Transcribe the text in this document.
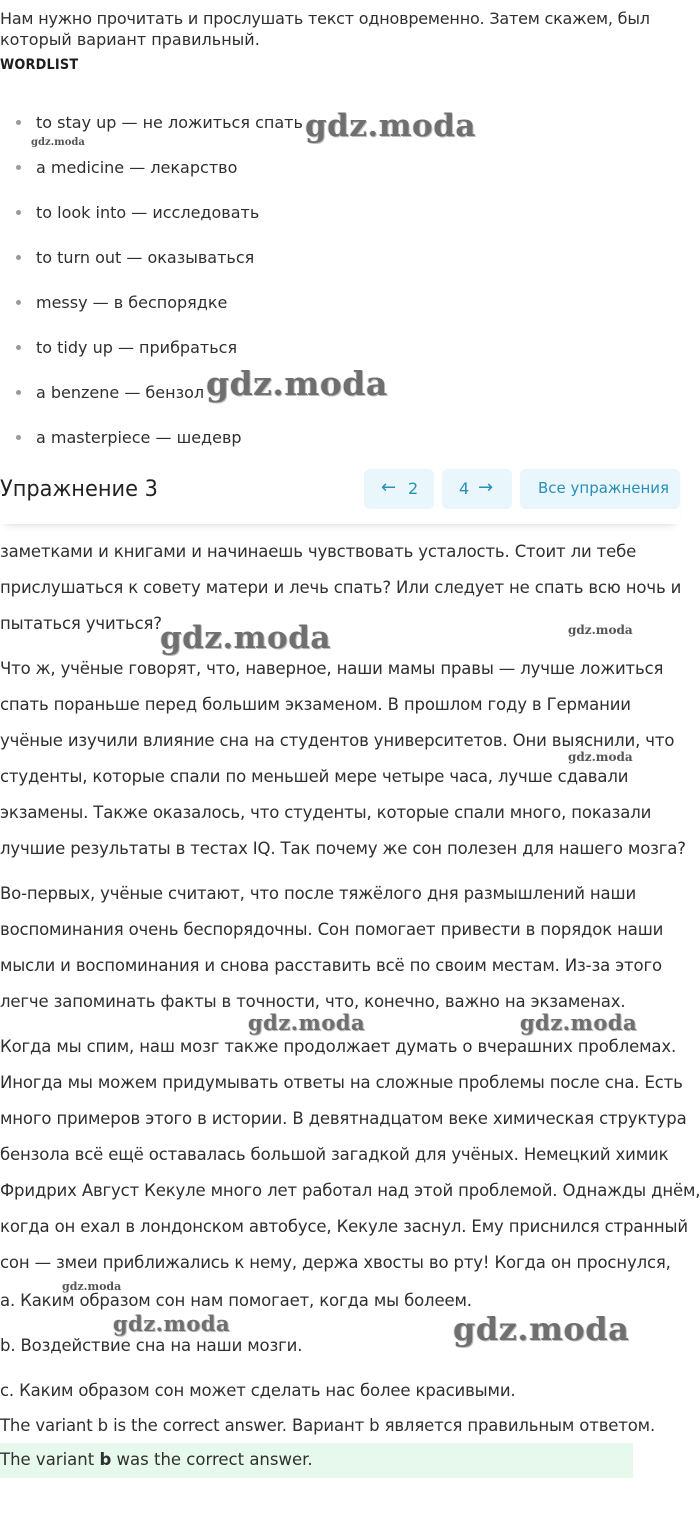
Нам нужно прочитать и прослушать текст одновременно. Затем скажем, был
который вариант правильный.
WORDLIST
to stay up — не ложиться спать
a medicine — лекарство
to look into — исследовать
to turn out — оказываться
messy — в беспорядке
to tidy up — прибраться
a benzene — бензол
a masterpiece — шедевр
заметками и книгами и начинаешь чувствовать усталость. Стоит ли тебе
прислушаться к совету матери и лечь спать? Или следует не спать всю ночь и
пытаться учиться?
Что ж, учёные говорят, что, наверное, наши мамы правы — лучше ложиться
спать пораньше перед большим экзаменом. В прошлом году в Германии
учёные изучили влияние сна на студентов университетов. Они выяснили, что
студенты, которые спали по меньшей мере четыре часа, лучше сдавали
экзамены. Также оказалось, что студенты, которые спали много, показали
лучшие результаты в тестах IQ. Так почему же сон полезен для нашего мозга?
Во-первых, учёные считают, что после тяжёлого дня размышлений наши
воспоминания очень беспорядочны. Сон помогает привести в порядок наши
мысли и воспоминания и снова расставить всё по своим местам. Из-за этого
легче запоминать факты в точности, что, конечно, важно на экзаменах.
Когда мы спим, наш мозг также продолжает думать о вчерашних проблемах.
Иногда мы можем придумывать ответы на сложные проблемы после сна. Есть
много примеров этого в истории. В девятнадцатом веке химическая структура
бензола всё ещё оставалась большой загадкой для учёных. Немецкий химик
Фридрих Август Кекуле много лет работал над этой проблемой. Однажды днём,
когда он ехал в лондонском автобусе, Кекуле заснул. Ему приснился странный
сон — змеи приближались к нему, держа хвосты во рту! Когда он проснулся,
a. Каким образом сон нам помогает, когда мы болеем.
b. Воздействие сна на наши мозги.
c. Каким образом сон может сделать нас более красивыми.
The variant b is the correct answer. Вариант b является правильным ответом.
The variant b was the correct answer.
Упражнение 3	← 2	4 →	Все упражнения
gdz.moda
gdz.moda
gdz.moda
gdz.moda	gdz.moda
gdz.moda
gdz.moda	gdz.moda
gdz.moda
gdz.moda	gdz.moda
